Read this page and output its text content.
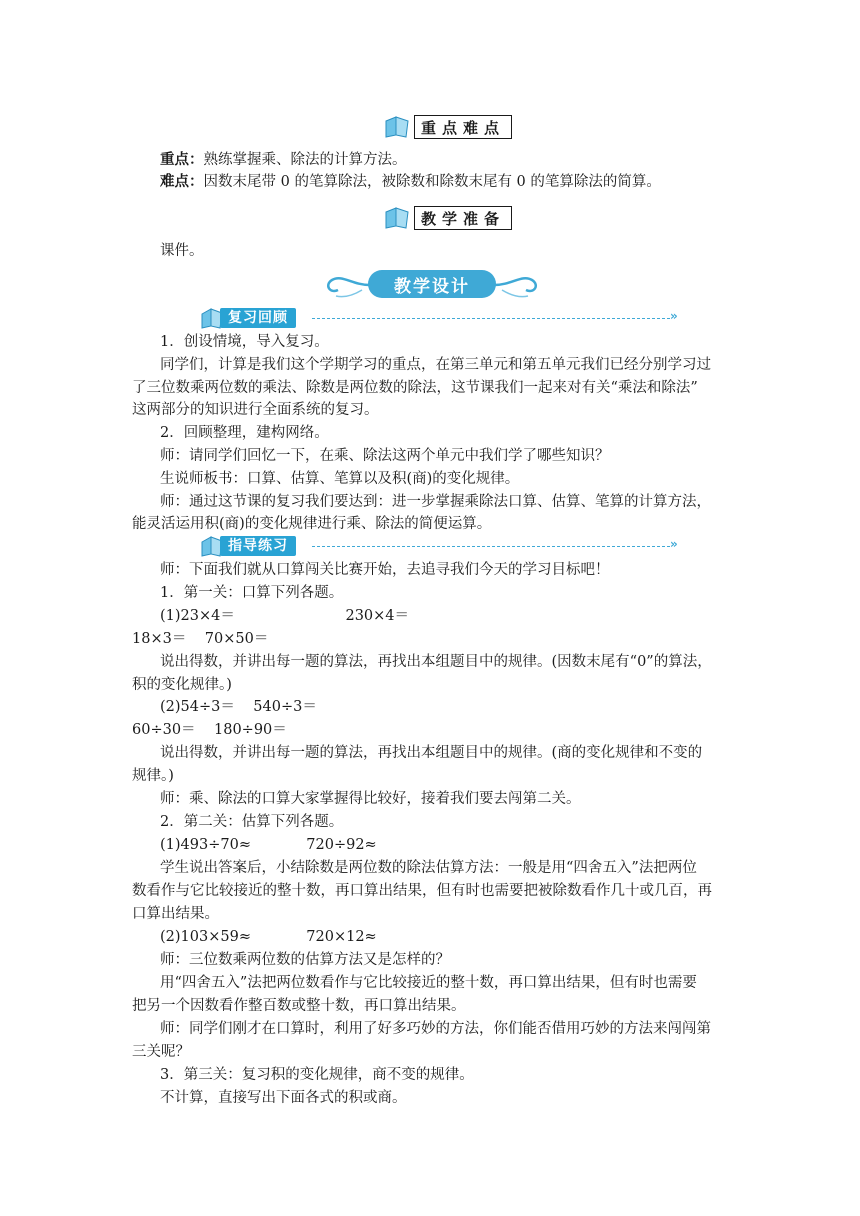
重点难点
重点：熟练掌握乘、除法的计算方法。
难点：因数末尾带 0 的笔算除法，被除数和除数末尾有 0 的笔算除法的简算。
教学准备
课件。
教学设计
复习回顾	»
1．创设情境，导入复习。
同学们，计算是我们这个学期学习的重点，在第三单元和第五单元我们已经分别学习过
了三位数乘两位数的乘法、除数是两位数的除法，这节课我们一起来对有关“乘法和除法”
这两部分的知识进行全面系统的复习。
2．回顾整理，建构网络。
师：请同学们回忆一下，在乘、除法这两个单元中我们学了哪些知识？
生说师板书：口算、估算、笔算以及积(商)的变化规律。
师：通过这节课的复习我们要达到：进一步掌握乘除法口算、估算、笔算的计算方法，
能灵活运用积(商)的变化规律进行乘、除法的简便运算。
指导练习	»
师：下面我们就从口算闯关比赛开始，去追寻我们今天的学习目标吧！
1．第一关：口算下列各题。
(1)23×4＝                        230×4＝
18×3＝    70×50＝
说出得数，并讲出每一题的算法，再找出本组题目中的规律。(因数末尾有“0”的算法，
积的变化规律。)
(2)54÷3＝    540÷3＝
60÷30＝    180÷90＝
说出得数，并讲出每一题的算法，再找出本组题目中的规律。(商的变化规律和不变的
规律。)
师：乘、除法的口算大家掌握得比较好，接着我们要去闯第二关。
2．第二关：估算下列各题。
(1)493÷70≈            720÷92≈
学生说出答案后，小结除数是两位数的除法估算方法：一般是用“四舍五入”法把两位
数看作与它比较接近的整十数，再口算出结果，但有时也需要把被除数看作几十或几百，再
口算出结果。
(2)103×59≈            720×12≈
师：三位数乘两位数的估算方法又是怎样的？
用“四舍五入”法把两位数看作与它比较接近的整十数，再口算出结果，但有时也需要
把另一个因数看作整百数或整十数，再口算出结果。
师：同学们刚才在口算时，利用了好多巧妙的方法，你们能否借用巧妙的方法来闯闯第
三关呢？
3．第三关：复习积的变化规律，商不变的规律。
不计算，直接写出下面各式的积或商。
